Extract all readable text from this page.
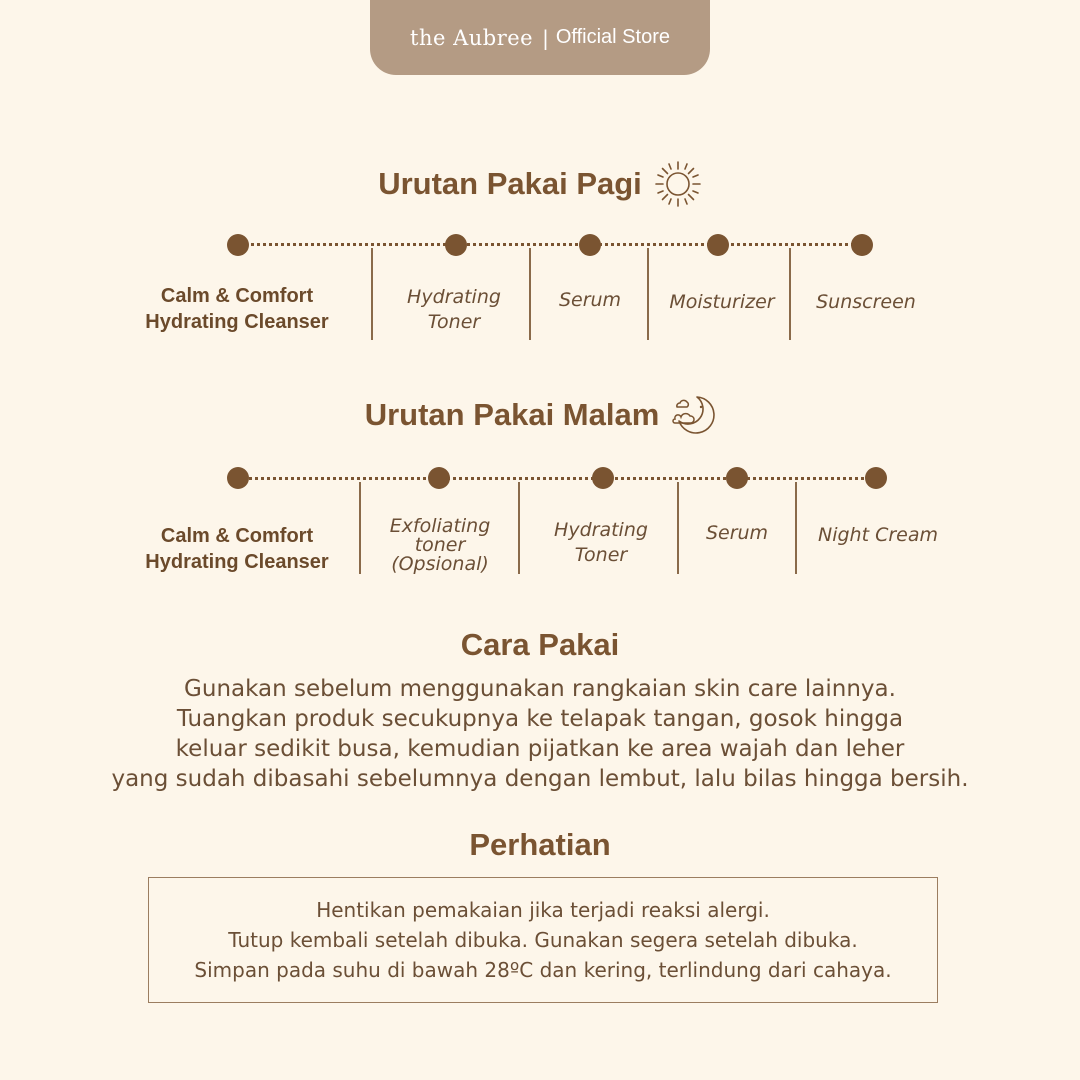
the Aubree | Official Store
Urutan Pakai Pagi
Calm & Comfort Hydrating Cleanser
Hydrating Toner
Serum	Moisturizer	Sunscreen
Urutan Pakai Malam
Calm & Comfort Hydrating Cleanser
Exfoliating toner (Opsional)
Hydrating Toner
Serum	Night Cream
Cara Pakai
Gunakan sebelum menggunakan rangkaian skin care lainnya.
Tuangkan produk secukupnya ke telapak tangan, gosok hingga
keluar sedikit busa, kemudian pijatkan ke area wajah dan leher
yang sudah dibasahi sebelumnya dengan lembut, lalu bilas hingga bersih.
Perhatian
Hentikan pemakaian jika terjadi reaksi alergi.
Tutup kembali setelah dibuka. Gunakan segera setelah dibuka.
Simpan pada suhu di bawah 28ºC dan kering, terlindung dari cahaya.
